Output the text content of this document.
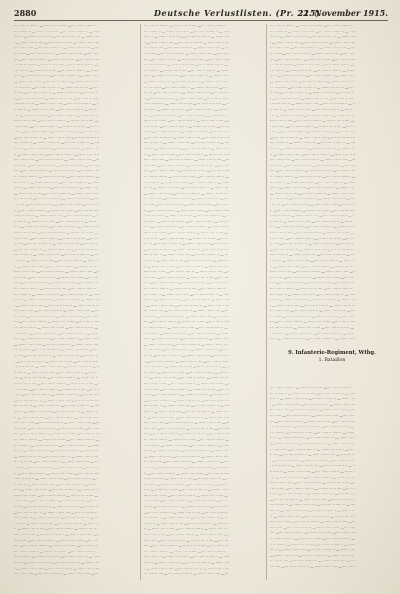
2880	Deutsche Verlustlisten. (Pr. 215)
22. November 1915.
··· · ···· ·· ····· ·· — ······ · ··· ·· ···· —··· · ···· ·· ····· ··
··· ·· ····· ·· — ······ · ··· ·· ···· —··· · ···· ·· ····· ·· — ·····
····· ·· — ······ · ··· ·· ···· —··· · ···· ·· ····· ·· — ······ · ···
· — ······ · ··· ·· ···· —··· · ···· ·· ····· ·· — ······ · ··· ·· ···
··· · ··· ·· ···· —··· · ···· ·· ····· ·· — ······ · ··· ·· ···· —···
·· ·· ···· —··· · ···· ·· ····· ·· — ······ · ··· ·· ···· —··· · ····
··· —··· · ···· ·· ····· ·· — ······ · ··· ·· ···· —··· · ···· ·· ····
· · ···· ·· ····· ·· — ······ · ··· ·· ···· —··· · ···· ·· ····· ·· —
· ·· ····· ·· — ······ · ··· ·· ···· —··· · ···· ·· ····· ·· — ······
··· ·· — ······ · ··· ·· ···· —··· · ···· ·· ····· ·· — ······ · ··· ·
— ······ · ··· ·· ···· —··· · ···· ·· ····· ·· — ······ · ··· ·· ····
· · ··· ·· ···· —··· · ···· ·· ····· ·· — ······ · ··· ·· ···· —··· ·
·· ···· —··· · ···· ·· ····· ·· — ······ · ··· ·· ···· —··· · ···· ··
· —··· · ···· ·· ····· ·· — ······ · ··· ·· ···· —··· · ···· ·· ·····
· ···· ·· ····· ·· — ······ · ··· ·· ···· —··· · ···· ·· ····· ·· — ··
·· ····· ·· — ······ · ··· ·· ···· —··· · ···· ·· ····· ·· — ······ ·
· ·· — ······ · ··· ·· ···· —··· · ···· ·· ····· ·· — ······ · ··· ··
······ · ··· ·· ···· —··· · ···· ·· ····· ·· — ······ · ··· ·· ···· —·
· ··· ·· ···· —··· · ···· ·· ····· ·· — ······ · ··· ·· ···· —··· · ··
· ···· —··· · ···· ·· ····· ·· — ······ · ··· ·· ···· —··· · ···· ·· ·
—··· · ···· ·· ····· ·· — ······ · ··· ·· ···· —··· · ···· ·· ····· ··
···· ·· ····· ·· — ······ · ··· ·· ···· —··· · ···· ·· ····· ·· — ····
····· ·· — ······ · ··· ·· ···· —··· · ···· ·· ····· ·· — ······ · ··
·· — ······ · ··· ·· ···· —··· · ···· ·· ····· ·· — ······ · ··· ·· ··
···· · ··· ·· ···· —··· · ···· ·· ····· ·· — ······ · ··· ·· ···· —···
··· ·· ···· —··· · ···· ·· ····· ·· — ······ · ··· ·· ···· —··· · ····
···· —··· · ···· ·· ····· ·· — ······ · ··· ·· ···· —··· · ···· ·· ···
·· · ···· ·· ····· ·· — ······ · ··· ·· ···· —··· · ···· ·· ····· ·· —
·· ·· ····· ·· — ······ · ··· ·· ···· —··· · ···· ·· ····· ·· — ······
···· ·· — ······ · ··· ·· ···· —··· · ···· ·· ····· ·· — ······ · ···
— ······ · ··· ·· ···· —··· · ···· ·· ····· ·· — ······ · ··· ·· ····
·· · ··· ·· ···· —··· · ···· ·· ····· ·· — ······ · ··· ·· ···· —··· ·
· ·· ···· —··· · ···· ·· ····· ·· — ······ · ··· ·· ···· —··· · ···· ·
·· —··· · ···· ·· ····· ·· — ······ · ··· ·· ···· —··· · ···· ·· ·····
· ···· ·· ····· ·· — ······ · ··· ·· ···· —··· · ···· ·· ····· ·· — ·
·· ····· ·· — ······ · ··· ·· ···· —··· · ···· ·· ····· ·· — ······ ·
·· ·· — ······ · ··· ·· ···· —··· · ···· ·· ····· ·· — ······ · ··· ··
······ · ··· ·· ···· —··· · ···· ·· ····· ·· — ······ · ··· ·· ···· —
· ··· ·· ···· —··· · ···· ·· ····· ·· — ······ · ··· ·· ···· —··· · ·
·· ···· —··· · ···· ·· ····· ·· — ······ · ··· ·· ···· —··· · ···· ··
—··· · ···· ·· ····· ·· — ······ · ··· ·· ···· —··· · ···· ·· ····· ·
···· ·· ····· ·· — ······ · ··· ·· ···· —··· · ···· ·· ····· ·· — ···
· ····· ·· — ······ · ··· ·· ···· —··· · ···· ·· ····· ·· — ······ · ·
·· — ······ · ··· ·· ···· —··· · ···· ·· ····· ·· — ······ · ··· ·· ·
····· · ··· ·· ···· —··· · ···· ·· ····· ·· — ······ · ··· ·· ···· —··
··· ·· ···· —··· · ···· ·· ····· ·· — ······ · ··· ·· ···· —··· · ···
···· —··· · ···· ·· ····· ·· — ······ · ··· ·· ···· —··· · ···· ·· ··
··· · ···· ·· ····· ·· — ······ · ··· ·· ···· —··· · ···· ·· ····· ··
··· ·· ····· ·· — ······ · ··· ·· ···· —··· · ···· ·· ····· ·· — ·····
····· ·· — ······ · ··· ·· ···· —··· · ···· ·· ····· ·· — ······ · ···
· — ······ · ··· ·· ···· —··· · ···· ·· ····· ·· — ······ · ··· ·· ···
··· · ··· ·· ···· —··· · ···· ·· ····· ·· — ······ · ··· ·· ···· —···
·· ·· ···· —··· · ···· ·· ····· ·· — ······ · ··· ·· ···· —··· · ····
··· —··· · ···· ·· ····· ·· — ······ · ··· ·· ···· —··· · ···· ·· ····
· · ···· ·· ····· ·· — ······ · ··· ·· ···· —··· · ···· ·· ····· ·· —
· ·· ····· ·· — ······ · ··· ·· ···· —··· · ···· ·· ····· ·· — ······
··· ·· — ······ · ··· ·· ···· —··· · ···· ·· ····· ·· — ······ · ··· ·
— ······ · ··· ·· ···· —··· · ···· ·· ····· ·· — ······ · ··· ·· ····
· · ··· ·· ···· —··· · ···· ·· ····· ·· — ······ · ··· ·· ···· —··· ·
·· ···· —··· · ···· ·· ····· ·· — ······ · ··· ·· ···· —··· · ···· ··
· —··· · ···· ·· ····· ·· — ······ · ··· ·· ···· —··· · ···· ·· ·····
· ···· ·· ····· ·· — ······ · ··· ·· ···· —··· · ···· ·· ····· ·· — ··
·· ····· ·· — ······ · ··· ·· ···· —··· · ···· ·· ····· ·· — ······ ·
· ·· — ······ · ··· ·· ···· —··· · ···· ·· ····· ·· — ······ · ··· ··
······ · ··· ·· ···· —··· · ···· ·· ····· ·· — ······ · ··· ·· ···· —·
· ··· ·· ···· —··· · ···· ·· ····· ·· — ······ · ··· ·· ···· —··· · ··
· ···· —··· · ···· ·· ····· ·· — ······ · ··· ·· ···· —··· · ···· ·· ·
—··· · ···· ·· ····· ·· — ······ · ··· ·· ···· —··· · ···· ·· ····· ··
···· ·· ····· ·· — ······ · ··· ·· ···· —··· · ···· ·· ····· ·· — ····
····· ·· — ······ · ··· ·· ···· —··· · ···· ·· ····· ·· — ······ · ··
·· — ······ · ··· ·· ···· —··· · ···· ·· ····· ·· — ······ · ··· ·· ··
···· · ··· ·· ···· —··· · ···· ·· ····· ·· — ······ · ··· ·· ···· —···
··· ·· ···· —··· · ···· ·· ····· ·· — ······ · ··· ·· ···· —··· · ····
···· —··· · ···· ·· ····· ·· — ······ · ··· ·· ···· —··· · ···· ·· ···
·· · ···· ·· ····· ·· — ······ · ··· ·· ···· —··· · ···· ·· ····· ·· —
·· ·· ····· ·· — ······ · ··· ·· ···· —··· · ···· ·· ····· ·· — ······
···· ·· — ······ · ··· ·· ···· —··· · ···· ·· ····· ·· — ······ · ···
— ······ · ··· ·· ···· —··· · ···· ·· ····· ·· — ······ · ··· ·· ····
·· · ··· ·· ···· —··· · ···· ·· ····· ·· — ······ · ··· ·· ···· —··· ·
· ·· ···· —··· · ···· ·· ····· ·· — ······ · ··· ·· ···· —··· · ···· ·
·· —··· · ···· ·· ····· ·· — ······ · ··· ·· ···· —··· · ···· ·· ·····
· ···· ·· ····· ·· — ······ · ··· ·· ···· —··· · ···· ·· ····· ·· — ·
·· ····· ·· — ······ · ··· ·· ···· —··· · ···· ·· ····· ·· — ······ ·
·· ·· — ······ · ··· ·· ···· —··· · ···· ·· ····· ·· — ······ · ··· ··
······ · ··· ·· ···· —··· · ···· ·· ····· ·· — ······ · ··· ·· ···· —
· ··· ·· ···· —··· · ···· ·· ····· ·· — ······ · ··· ·· ···· —··· · ·
·· ···· —··· · ···· ·· ····· ·· — ······ · ··· ·· ···· —··· · ···· ··
—··· · ···· ·· ····· ·· — ······ · ··· ·· ···· —··· · ···· ·· ····· ·
···· ·· ····· ·· — ······ · ··· ·· ···· —··· · ···· ·· ····· ·· — ···
· ····· ·· — ······ · ··· ·· ···· —··· · ···· ·· ····· ·· — ······ · ·
·· — ······ · ··· ·· ···· —··· · ···· ·· ····· ·· — ······ · ··· ·· ·
····· · ··· ·· ···· —··· · ···· ·· ····· ·· — ······ · ··· ·· ···· —··
··· ·· ···· —··· · ···· ·· ····· ·· — ······ · ··· ·· ···· —··· · ···
···· —··· · ···· ·· ····· ·· — ······ · ··· ·· ···· —··· · ···· ·· ··
··· · ···· ·· ····· ·· — ······ · ··· ·· ···· —··· · ···· ·· ····· ··
··· ·· ····· ·· — ······ · ··· ·· ···· —··· · ···· ·· ····· ·· — ·····
····· ·· — ······ · ··· ·· ···· —··· · ···· ·· ····· ·· — ······ · ···
· — ······ · ··· ·· ···· —··· · ···· ·· ····· ·· — ······ · ··· ·· ···
··· · ··· ·· ···· —··· · ···· ·· ····· ·· — ······ · ··· ·· ···· —···
··· · ···· ·· ····· ·· — ······ · ··· ·· ···· —··· · ···· ·· ····· ··
··· ·· ····· ·· — ······ · ··· ·· ···· —··· · ···· ·· ····· ·· — ·····
····· ·· — ······ · ··· ·· ···· —··· · ···· ·· ····· ·· — ······ · ···
· — ······ · ··· ·· ···· —··· · ···· ·· ····· ·· — ······ · ··· ·· ···
··· · ··· ·· ···· —··· · ···· ·· ····· ·· — ······ · ··· ·· ···· —···
·· ·· ···· —··· · ···· ·· ····· ·· — ······ · ··· ·· ···· —··· · ····
··· —··· · ···· ·· ····· ·· — ······ · ··· ·· ···· —··· · ···· ·· ····
· · ···· ·· ····· ·· — ······ · ··· ·· ···· —··· · ···· ·· ····· ·· —
· ·· ····· ·· — ······ · ··· ·· ···· —··· · ···· ·· ····· ·· — ······
··· ·· — ······ · ··· ·· ···· —··· · ···· ·· ····· ·· — ······ · ··· ·
— ······ · ··· ·· ···· —··· · ···· ·· ····· ·· — ······ · ··· ·· ····
· · ··· ·· ···· —··· · ···· ·· ····· ·· — ······ · ··· ·· ···· —··· ·
·· ···· —··· · ···· ·· ····· ·· — ······ · ··· ·· ···· —··· · ···· ··
· —··· · ···· ·· ····· ·· — ······ · ··· ·· ···· —··· · ···· ·· ·····
· ···· ·· ····· ·· — ······ · ··· ·· ···· —··· · ···· ·· ····· ·· — ··
·· ····· ·· — ······ · ··· ·· ···· —··· · ···· ·· ····· ·· — ······ ·
· ·· — ······ · ··· ·· ···· —··· · ···· ·· ····· ·· — ······ · ··· ··
······ · ··· ·· ···· —··· · ···· ·· ····· ·· — ······ · ··· ·· ···· —·
· ··· ·· ···· —··· · ···· ·· ····· ·· — ······ · ··· ·· ···· —··· · ··
· ···· —··· · ···· ·· ····· ·· — ······ · ··· ·· ···· —··· · ···· ·· ·
—··· · ···· ·· ····· ·· — ······ · ··· ·· ···· —··· · ···· ·· ····· ··
···· ·· ····· ·· — ······ · ··· ·· ···· —··· · ···· ·· ····· ·· — ····
····· ·· — ······ · ··· ·· ···· —··· · ···· ·· ····· ·· — ······ · ··
·· — ······ · ··· ·· ···· —··· · ···· ·· ····· ·· — ······ · ··· ·· ··
···· · ··· ·· ···· —··· · ···· ·· ····· ·· — ······ · ··· ·· ···· —···
··· ·· ···· —··· · ···· ·· ····· ·· — ······ · ··· ·· ···· —··· · ····
···· —··· · ···· ·· ····· ·· — ······ · ··· ·· ···· —··· · ···· ·· ···
·· · ···· ·· ····· ·· — ······ · ··· ·· ···· —··· · ···· ·· ····· ·· —
·· ·· ····· ·· — ······ · ··· ·· ···· —··· · ···· ·· ····· ·· — ······
···· ·· — ······ · ··· ·· ···· —··· · ···· ·· ····· ·· — ······ · ···
— ······ · ··· ·· ···· —··· · ···· ·· ····· ·· — ······ · ··· ·· ····
·· · ··· ·· ···· —··· · ···· ·· ····· ·· — ······ · ··· ·· ···· —··· ·
· ·· ···· —··· · ···· ·· ····· ·· — ······ · ··· ·· ···· —··· · ···· ·
·· —··· · ···· ·· ····· ·· — ······ · ··· ·· ···· —··· · ···· ·· ·····
· ···· ·· ····· ·· — ······ · ··· ·· ···· —··· · ···· ·· ····· ·· — ·
·· ····· ·· — ······ · ··· ·· ···· —··· · ···· ·· ····· ·· — ······ ·
·· ·· — ······ · ··· ·· ···· —··· · ···· ·· ····· ·· — ······ · ··· ··
······ · ··· ·· ···· —··· · ···· ·· ····· ·· — ······ · ··· ·· ···· —
· ··· ·· ···· —··· · ···· ·· ····· ·· — ······ · ··· ·· ···· —··· · ·
·· ···· —··· · ···· ·· ····· ·· — ······ · ··· ·· ···· —··· · ···· ··
—··· · ···· ·· ····· ·· — ······ · ··· ·· ···· —··· · ···· ·· ····· ·
···· ·· ····· ·· — ······ · ··· ·· ···· —··· · ···· ·· ····· ·· — ···
· ····· ·· — ······ · ··· ·· ···· —··· · ···· ·· ····· ·· — ······ · ·
·· — ······ · ··· ·· ···· —··· · ···· ·· ····· ·· — ······ · ··· ·· ·
····· · ··· ·· ···· —··· · ···· ·· ····· ·· — ······ · ··· ·· ···· —··
··· ·· ···· —··· · ···· ·· ····· ·· — ······ · ··· ·· ···· —··· · ···
···· —··· · ···· ·· ····· ·· — ······ · ··· ·· ···· —··· · ···· ·· ··
··· · ···· ·· ····· ·· — ······ · ··· ·· ···· —··· · ···· ·· ····· ··
··· ·· ····· ·· — ······ · ··· ·· ···· —··· · ···· ·· ····· ·· — ·····
····· ·· — ······ · ··· ·· ···· —··· · ···· ·· ····· ·· — ······ · ···
· — ······ · ··· ·· ···· —··· · ···· ·· ····· ·· — ······ · ··· ·· ···
··· · ··· ·· ···· —··· · ···· ·· ····· ·· — ······ · ··· ·· ···· —···
·· ·· ···· —··· · ···· ·· ····· ·· — ······ · ··· ·· ···· —··· · ····
··· —··· · ···· ·· ····· ·· — ······ · ··· ·· ···· —··· · ···· ·· ····
· · ···· ·· ····· ·· — ······ · ··· ·· ···· —··· · ···· ·· ····· ·· —
· ·· ····· ·· — ······ · ··· ·· ···· —··· · ···· ·· ····· ·· — ······
··· ·· — ······ · ··· ·· ···· —··· · ···· ·· ····· ·· — ······ · ··· ·
— ······ · ··· ·· ···· —··· · ···· ·· ····· ·· — ······ · ··· ·· ····
· · ··· ·· ···· —··· · ···· ·· ····· ·· — ······ · ··· ·· ···· —··· ·
·· ···· —··· · ···· ·· ····· ·· — ······ · ··· ·· ···· —··· · ···· ··
· —··· · ···· ·· ····· ·· — ······ · ··· ·· ···· —··· · ···· ·· ·····
· ···· ·· ····· ·· — ······ · ··· ·· ···· —··· · ···· ·· ····· ·· — ··
·· ····· ·· — ······ · ··· ·· ···· —··· · ···· ·· ····· ·· — ······ ·
· ·· — ······ · ··· ·· ···· —··· · ···· ·· ····· ·· — ······ · ··· ··
······ · ··· ·· ···· —··· · ···· ·· ····· ·· — ······ · ··· ·· ···· —·
· ··· ·· ···· —··· · ···· ·· ····· ·· — ······ · ··· ·· ···· —··· · ··
· ···· —··· · ···· ·· ····· ·· — ······ · ··· ·· ···· —··· · ···· ·· ·
—··· · ···· ·· ····· ·· — ······ · ··· ·· ···· —··· · ···· ·· ····· ··
···· ·· ····· ·· — ······ · ··· ·· ···· —··· · ···· ·· ····· ·· — ····
····· ·· — ······ · ··· ·· ···· —··· · ···· ·· ····· ·· — ······ · ··
·· — ······ · ··· ·· ···· —··· · ···· ·· ····· ·· — ······ · ··· ·· ··
···· · ··· ·· ···· —··· · ···· ·· ····· ·· — ······ · ··· ·· ···· —···
··· ·· ···· —··· · ···· ·· ····· ·· — ······ · ··· ·· ···· —··· · ····
···· —··· · ···· ·· ····· ·· — ······ · ··· ·· ···· —··· · ···· ·· ···
·· · ···· ·· ····· ·· — ······ · ··· ·· ···· —··· · ···· ·· ····· ·· —
·· ·· ····· ·· — ······ · ··· ·· ···· —··· · ···· ·· ····· ·· — ······
···· ·· — ······ · ··· ·· ···· —··· · ···· ·· ····· ·· — ······ · ···
— ······ · ··· ·· ···· —··· · ···· ·· ····· ·· — ······ · ··· ·· ····
·· · ··· ·· ···· —··· · ···· ·· ····· ·· — ······ · ··· ·· ···· —··· ·
· ·· ···· —··· · ···· ·· ····· ·· — ······ · ··· ·· ···· —··· · ···· ·
·· —··· · ···· ·· ····· ·· — ······ · ··· ·· ···· —··· · ···· ·· ·····
· ···· ·· ····· ·· — ······ · ··· ·· ···· —··· · ···· ·· ····· ·· — ·
·· ····· ·· — ······ · ··· ·· ···· —··· · ···· ·· ····· ·· — ······ ·
·· ·· — ······ · ··· ·· ···· —··· · ···· ·· ····· ·· — ······ · ··· ··
······ · ··· ·· ···· —··· · ···· ·· ····· ·· — ······ · ··· ·· ···· —
· ··· ·· ···· —··· · ···· ·· ····· ·· — ······ · ··· ·· ···· —··· · ·
·· ···· —··· · ···· ·· ····· ·· — ······ · ··· ·· ···· —··· · ···· ··
—··· · ···· ·· ····· ·· — ······ · ··· ·· ···· —··· · ···· ·· ····· ·
···· ·· ····· ·· — ······ · ··· ·· ···· —··· · ···· ·· ····· ·· — ···
· ····· ·· — ······ · ··· ·· ···· —··· · ···· ·· ····· ·· — ······ · ·
·· — ······ · ··· ·· ···· —··· · ···· ·· ····· ·· — ······ · ··· ·· ·
····· · ··· ·· ···· —··· · ···· ·· ····· ·· — ······ · ··· ·· ···· —··
··· ·· ···· —··· · ···· ·· ····· ·· — ······ · ··· ·· ···· —··· · ···
···· —··· · ···· ·· ····· ·· — ······ · ··· ·· ···· —··· · ···· ·· ··
··· · ···· ·· ····· ·· — ······ · ··· ·· ···· —··· · ···· ·· ····· ··
··· ·· ····· ·· — ······ · ··· ·· ···· —··· · ···· ·· ····· ·· — ·····
····· ·· — ······ · ··· ·· ···· —··· · ···· ·· ····· ·· — ······ · ···
· — ······ · ··· ·· ···· —··· · ···· ·· ····· ·· — ······ · ··· ·· ···
··· · ··· ·· ···· —··· · ···· ·· ····· ·· — ······ · ··· ·· ···· —···
··· · ···· ·· ····· ·· — ······ · ··· ·· ···· —··· · ···· ·· ····· ··
··· ·· ····· ·· — ······ · ··· ·· ···· —··· · ···· ·· ····· ·· — ·····
····· ·· — ······ · ··· ·· ···· —··· · ···· ·· ····· ·· — ······ · ···
· — ······ · ··· ·· ···· —··· · ···· ·· ····· ·· — ······ · ··· ·· ···
··· · ··· ·· ···· —··· · ···· ·· ····· ·· — ······ · ··· ·· ···· —···
·· ·· ···· —··· · ···· ·· ····· ·· — ······ · ··· ·· ···· —··· · ····
··· —··· · ···· ·· ····· ·· — ······ · ··· ·· ···· —··· · ···· ·· ····
· · ···· ·· ····· ·· — ······ · ··· ·· ···· —··· · ···· ·· ····· ·· —
· ·· ····· ·· — ······ · ··· ·· ···· —··· · ···· ·· ····· ·· — ······
··· ·· — ······ · ··· ·· ···· —··· · ···· ·· ····· ·· — ······ · ··· ·
— ······ · ··· ·· ···· —··· · ···· ·· ····· ·· — ······ · ··· ·· ····
· · ··· ·· ···· —··· · ···· ·· ····· ·· — ······ · ··· ·· ···· —··· ·
·· ···· —··· · ···· ·· ····· ·· — ······ · ··· ·· ···· —··· · ···· ··
· —··· · ···· ·· ····· ·· — ······ · ··· ·· ···· —··· · ···· ·· ·····
· ···· ·· ····· ·· — ······ · ··· ·· ···· —··· · ···· ·· ····· ·· — ··
·· ····· ·· — ······ · ··· ·· ···· —··· · ···· ·· ····· ·· — ······ ·
· ·· — ······ · ··· ·· ···· —··· · ···· ·· ····· ·· — ······ · ··· ··
······ · ··· ·· ···· —··· · ···· ·· ····· ·· — ······ · ··· ·· ···· —·
· ··· ·· ···· —··· · ···· ·· ····· ·· — ······ · ··· ·· ···· —··· · ··
· ···· —··· · ···· ·· ····· ·· — ······ · ··· ·· ···· —··· · ···· ·· ·
—··· · ···· ·· ····· ·· — ······ · ··· ·· ···· —··· · ···· ·· ····· ··
···· ·· ····· ·· — ······ · ··· ·· ···· —··· · ···· ·· ····· ·· — ····
····· ·· — ······ · ··· ·· ···· —··· · ···· ·· ····· ·· — ······ · ··
·· — ······ · ··· ·· ···· —··· · ···· ·· ····· ·· — ······ · ··· ·· ··
···· · ··· ·· ···· —··· · ···· ·· ····· ·· — ······ · ··· ·· ···· —···
··· ·· ···· —··· · ···· ·· ····· ·· — ······ · ··· ·· ···· —··· · ····
···· —··· · ···· ·· ····· ·· — ······ · ··· ·· ···· —··· · ···· ·· ···
·· · ···· ·· ····· ·· — ······ · ··· ·· ···· —··· · ···· ·· ····· ·· —
·· ·· ····· ·· — ······ · ··· ·· ···· —··· · ···· ·· ····· ·· — ······
···· ·· — ······ · ··· ·· ···· —··· · ···· ·· ····· ·· — ······ · ···
— ······ · ··· ·· ···· —··· · ···· ·· ····· ·· — ······ · ··· ·· ····
·· · ··· ·· ···· —··· · ···· ·· ····· ·· — ······ · ··· ·· ···· —··· ·
· ·· ···· —··· · ···· ·· ····· ·· — ······ · ··· ·· ···· —··· · ···· ·
·· —··· · ···· ·· ····· ·· — ······ · ··· ·· ···· —··· · ···· ·· ·····
· ···· ·· ····· ·· — ······ · ··· ·· ···· —··· · ···· ·· ····· ·· — ·
·· ····· ·· — ······ · ··· ·· ···· —··· · ···· ·· ····· ·· — ······ ·
·· ·· — ······ · ··· ·· ···· —··· · ···· ·· ····· ·· — ······ · ··· ··
······ · ··· ·· ···· —··· · ···· ·· ····· ·· — ······ · ··· ·· ···· —
· ··· ·· ···· —··· · ···· ·· ····· ·· — ······ · ··· ·· ···· —··· · ·
·· ···· —··· · ···· ·· ····· ·· — ······ · ··· ·· ···· —··· · ···· ··
—··· · ···· ·· ····· ·· — ······ · ··· ·· ···· —··· · ···· ·· ····· ·
···· ·· ····· ·· — ······ · ··· ·· ···· —··· · ···· ·· ····· ·· — ···
· ····· ·· — ······ · ··· ·· ···· —··· · ···· ·· ····· ·· — ······ · ·
·· — ······ · ··· ·· ···· —··· · ···· ·· ····· ·· — ······ · ··· ·· ·
····· · ··· ·· ···· —··· · ···· ·· ····· ·· — ······ · ··· ·· ···· —··
··· ·· ···· —··· · ···· ·· ····· ·· — ······ · ··· ·· ···· —··· · ···
···· —··· · ···· ·· ····· ·· — ······ · ··· ·· ···· —··· · ···· ·· ··
··· · ···· ·· ····· ·· — ······ · ··· ·· ···· —··· · ···· ·· ····· ··
··· ·· ····· ·· — ······ · ··· ·· ···· —··· · ···· ·· ····· ·· — ·····
····· ·· — ······ · ··· ·· ···· —··· · ···· ·· ····· ·· — ······ · ···
· — ······ · ··· ·· ···· —··· · ···· ·· ····· ·· — ······ · ··· ·· ···
··· · ··· ·· ···· —··· · ···· ·· ····· ·· — ······ · ··· ·· ···· —···
·· ·· ···· —··· · ···· ·· ····· ·· — ······ · ··· ·· ···· —··· · ····
··· —··· · ···· ·· ····· ·· — ······ · ··· ·· ···· —··· · ···· ·· ····
· · ···· ·· ····· ·· — ······ · ··· ·· ···· —··· · ···· ·· ····· ·· —
· ·· ····· ·· — ······ · ··· ·· ···· —··· · ···· ·· ····· ·· — ······
··· ·· — ······ · ··· ·· ···· —··· · ···· ·· ····· ·· — ······ · ··· ·
9. Infanterie-Regiment, Wtbg.
1. Bataillon
··· · ···· ·· ····· ·· — ······ · ··· ·· ···· —··· · ···· ·· ····· ··
··· ·· ····· ·· — ······ · ··· ·· ···· —··· · ···· ·· ····· ·· — ·····
····· ·· — ······ · ··· ·· ···· —··· · ···· ·· ····· ·· — ······ · ···
· — ······ · ··· ·· ···· —··· · ···· ·· ····· ·· — ······ · ··· ·· ···
··· · ··· ·· ···· —··· · ···· ·· ····· ·· — ······ · ··· ·· ···· —···
·· ·· ···· —··· · ···· ·· ····· ·· — ······ · ··· ·· ···· —··· · ····
··· —··· · ···· ·· ····· ·· — ······ · ··· ·· ···· —··· · ···· ·· ····
· · ···· ·· ····· ·· — ······ · ··· ·· ···· —··· · ···· ·· ····· ·· —
· ·· ····· ·· — ······ · ··· ·· ···· —··· · ···· ·· ····· ·· — ······
··· ·· — ······ · ··· ·· ···· —··· · ···· ·· ····· ·· — ······ · ··· ·
— ······ · ··· ·· ···· —··· · ···· ·· ····· ·· — ······ · ··· ·· ····
· · ··· ·· ···· —··· · ···· ·· ····· ·· — ······ · ··· ·· ···· —··· ·
·· ···· —··· · ···· ·· ····· ·· — ······ · ··· ·· ···· —··· · ···· ··
· —··· · ···· ·· ····· ·· — ······ · ··· ·· ···· —··· · ···· ·· ·····
· ···· ·· ····· ·· — ······ · ··· ·· ···· —··· · ···· ·· ····· ·· — ··
·· ····· ·· — ······ · ··· ·· ···· —··· · ···· ·· ····· ·· — ······ ·
· ·· — ······ · ··· ·· ···· —··· · ···· ·· ····· ·· — ······ · ··· ··
······ · ··· ·· ···· —··· · ···· ·· ····· ·· — ······ · ··· ·· ···· —·
· ··· ·· ···· —··· · ···· ·· ····· ·· — ······ · ··· ·· ···· —··· · ··
· ···· —··· · ···· ·· ····· ·· — ······ · ··· ·· ···· —··· · ···· ·· ·
—··· · ···· ·· ····· ·· — ······ · ··· ·· ···· —··· · ···· ·· ····· ··
···· ·· ····· ·· — ······ · ··· ·· ···· —··· · ···· ·· ····· ·· — ····
····· ·· — ······ · ··· ·· ···· —··· · ···· ·· ····· ·· — ······ · ··
·· — ······ · ··· ·· ···· —··· · ···· ·· ····· ·· — ······ · ··· ·· ··
···· · ··· ·· ···· —··· · ···· ·· ····· ·· — ······ · ··· ·· ···· —···
··· ·· ···· —··· · ···· ·· ····· ·· — ······ · ··· ·· ···· —··· · ····
···· —··· · ···· ·· ····· ·· — ······ · ··· ·· ···· —··· · ···· ·· ···
·· · ···· ·· ····· ·· — ······ · ··· ·· ···· —··· · ···· ·· ····· ·· —
·· ·· ····· ·· — ······ · ··· ·· ···· —··· · ···· ·· ····· ·· — ······
···· ·· — ······ · ··· ·· ···· —··· · ···· ·· ····· ·· — ······ · ···
— ······ · ··· ·· ···· —··· · ···· ·· ····· ·· — ······ · ··· ·· ····
·· · ··· ·· ···· —··· · ···· ·· ····· ·· — ······ · ··· ·· ···· —··· ·
· ·· ···· —··· · ···· ·· ····· ·· — ······ · ··· ·· ···· —··· · ···· ·
